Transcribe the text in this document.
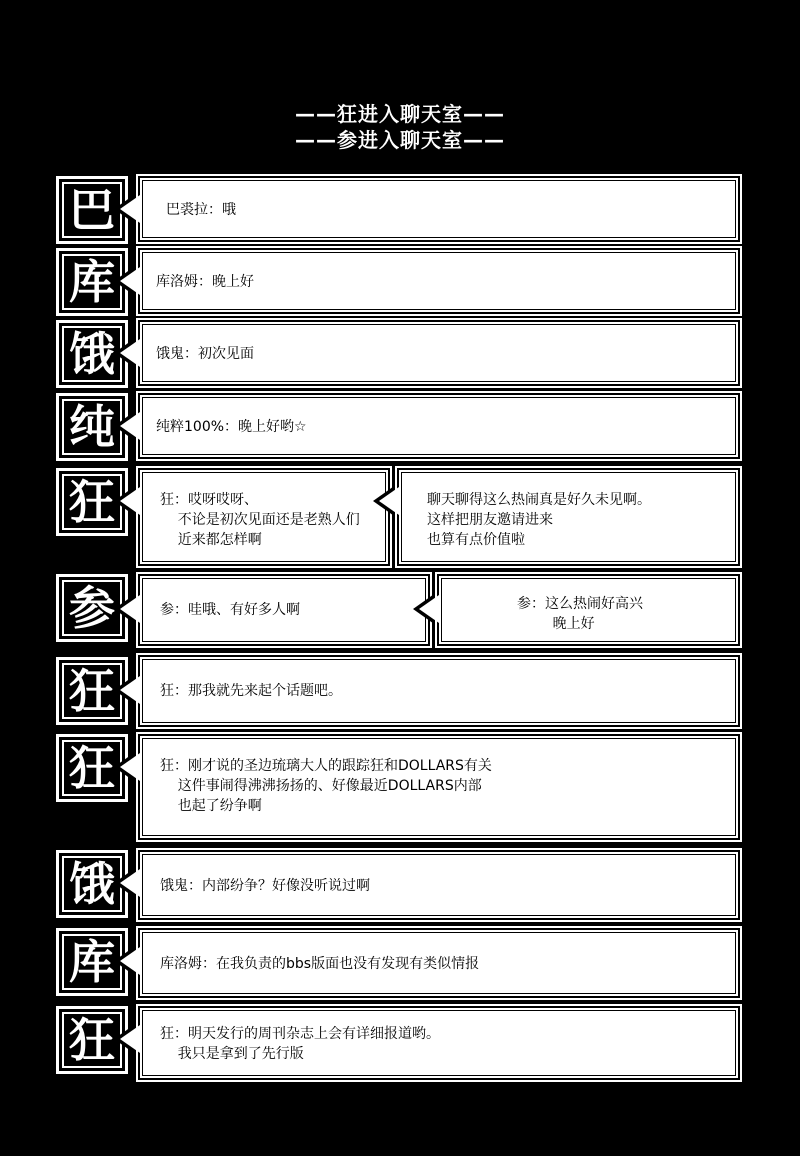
——狂进入聊天室——
——参进入聊天室——
巴	巴裘拉：哦
库	库洛姆：晚上好
饿	饿鬼：初次见面
纯	纯粹100%：晚上好哟☆
狂	狂：哎呀哎呀、
不论是初次见面还是老熟人们
近来都怎样啊
聊天聊得这么热闹真是好久未见啊。
这样把朋友邀请进来
也算有点价值啦
参	参：哇哦、有好多人啊	参：这么热闹好高兴
晚上好
狂	狂：那我就先来起个话题吧。
狂	狂：刚才说的圣边琉璃大人的跟踪狂和DOLLARS有关
这件事闹得沸沸扬扬的、好像最近DOLLARS内部
也起了纷争啊
饿	饿鬼：内部纷争？好像没听说过啊
库	库洛姆：在我负责的bbs版面也没有发现有类似情报
狂	狂：明天发行的周刊杂志上会有详细报道哟。
我只是拿到了先行版
